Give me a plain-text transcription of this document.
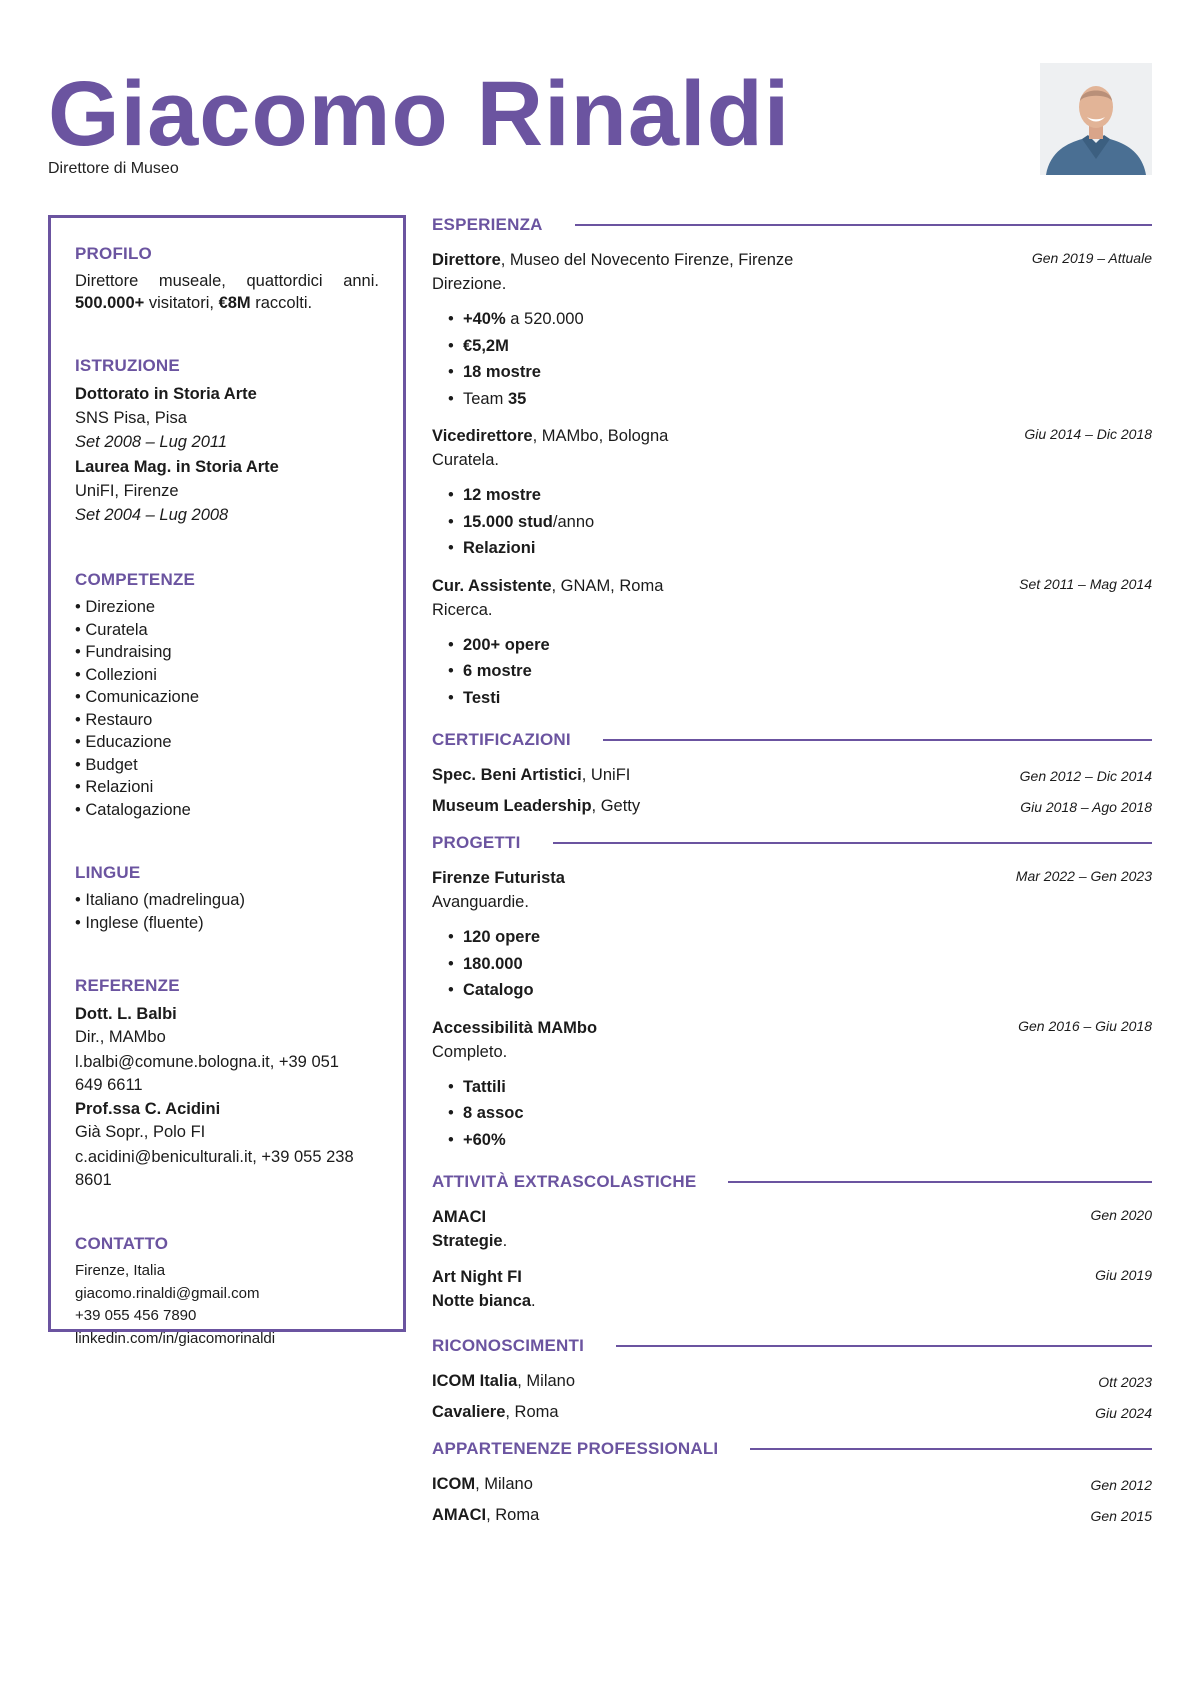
Giacomo Rinaldi
Direttore di Museo
PROFILO
Direttore museale, quattordici anni.
500.000+ visitatori, €8M raccolti.
ISTRUZIONE
Dottorato in Storia Arte
SNS Pisa, Pisa
Set 2008 – Lug 2011
Laurea Mag. in Storia Arte
UniFI, Firenze
Set 2004 – Lug 2008
COMPETENZE
• Direzione
• Curatela
• Fundraising
• Collezioni
• Comunicazione
• Restauro
• Educazione
• Budget
• Relazioni
• Catalogazione
LINGUE
• Italiano (madrelingua)
• Inglese (fluente)
REFERENZE
Dott. L. Balbi
Dir., MAMbo
l.balbi@comune.bologna.it, +39 051
649 6611
Prof.ssa C. Acidini
Già Sopr., Polo FI
c.acidini@beniculturali.it, +39 055 238
8601
CONTATTO
Firenze, Italia
giacomo.rinaldi@gmail.com
+39 055 456 7890
linkedin.com/in/giacomorinaldi
ESPERIENZA
Direttore, Museo del Novecento Firenze, Firenze	Gen 2019 – Attuale
Direzione.
• +40% a 520.000
• €5,2M
• 18 mostre
• Team 35
Vicedirettore, MAMbo, Bologna	Giu 2014 – Dic 2018
Curatela.
• 12 mostre
• 15.000 stud/anno
• Relazioni
Cur. Assistente, GNAM, Roma	Set 2011 – Mag 2014
Ricerca.
• 200+ opere
• 6 mostre
• Testi
CERTIFICAZIONI
Spec. Beni Artistici, UniFI	Gen 2012 – Dic 2014
Museum Leadership, Getty	Giu 2018 – Ago 2018
PROGETTI
Firenze Futurista	Mar 2022 – Gen 2023
Avanguardie.
• 120 opere
• 180.000
• Catalogo
Accessibilità MAMbo	Gen 2016 – Giu 2018
Completo.
• Tattili
• 8 assoc
• +60%
ATTIVITÀ EXTRASCOLASTICHE
AMACI	Gen 2020
Strategie.
Art Night FI	Giu 2019
Notte bianca.
RICONOSCIMENTI
ICOM Italia, Milano	Ott 2023
Cavaliere, Roma	Giu 2024
APPARTENENZE PROFESSIONALI
ICOM, Milano	Gen 2012
AMACI, Roma	Gen 2015
